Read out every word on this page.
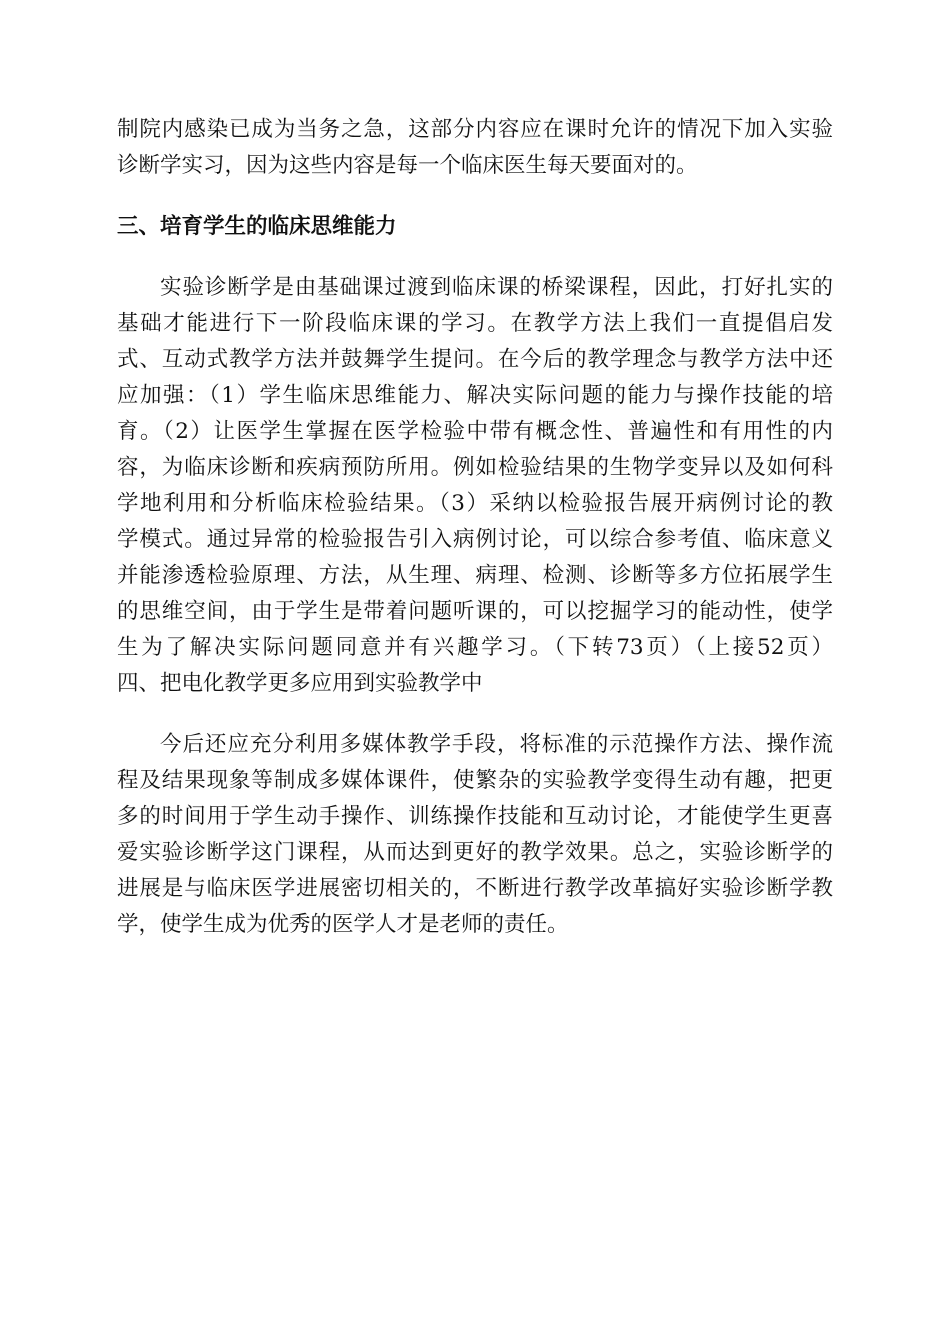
制院内感染已成为当务之急，这部分内容应在课时允许的情况下加入实验
诊断学实习，因为这些内容是每一个临床医生每天要面对的。
三、培育学生的临床思维能力
实验诊断学是由基础课过渡到临床课的桥梁课程，因此，打好扎实的
基础才能进行下一阶段临床课的学习。在教学方法上我们一直提倡启发
式、互动式教学方法并鼓舞学生提问。在今后的教学理念与教学方法中还
应加强：（1）学生临床思维能力、解决实际问题的能力与操作技能的培
育。（2）让医学生掌握在医学检验中带有概念性、普遍性和有用性的内
容，为临床诊断和疾病预防所用。例如检验结果的生物学变异以及如何科
学地利用和分析临床检验结果。（3）采纳以检验报告展开病例讨论的教
学模式。通过异常的检验报告引入病例讨论，可以综合参考值、临床意义
并能渗透检验原理、方法，从生理、病理、检测、诊断等多方位拓展学生
的思维空间，由于学生是带着问题听课的，可以挖掘学习的能动性，使学
生为了解决实际问题同意并有兴趣学习。（下转73页）（上接52页）
四、把电化教学更多应用到实验教学中
今后还应充分利用多媒体教学手段，将标准的示范操作方法、操作流
程及结果现象等制成多媒体课件，使繁杂的实验教学变得生动有趣，把更
多的时间用于学生动手操作、训练操作技能和互动讨论，才能使学生更喜
爱实验诊断学这门课程，从而达到更好的教学效果。总之，实验诊断学的
进展是与临床医学进展密切相关的，不断进行教学改革搞好实验诊断学教
学，使学生成为优秀的医学人才是老师的责任。
